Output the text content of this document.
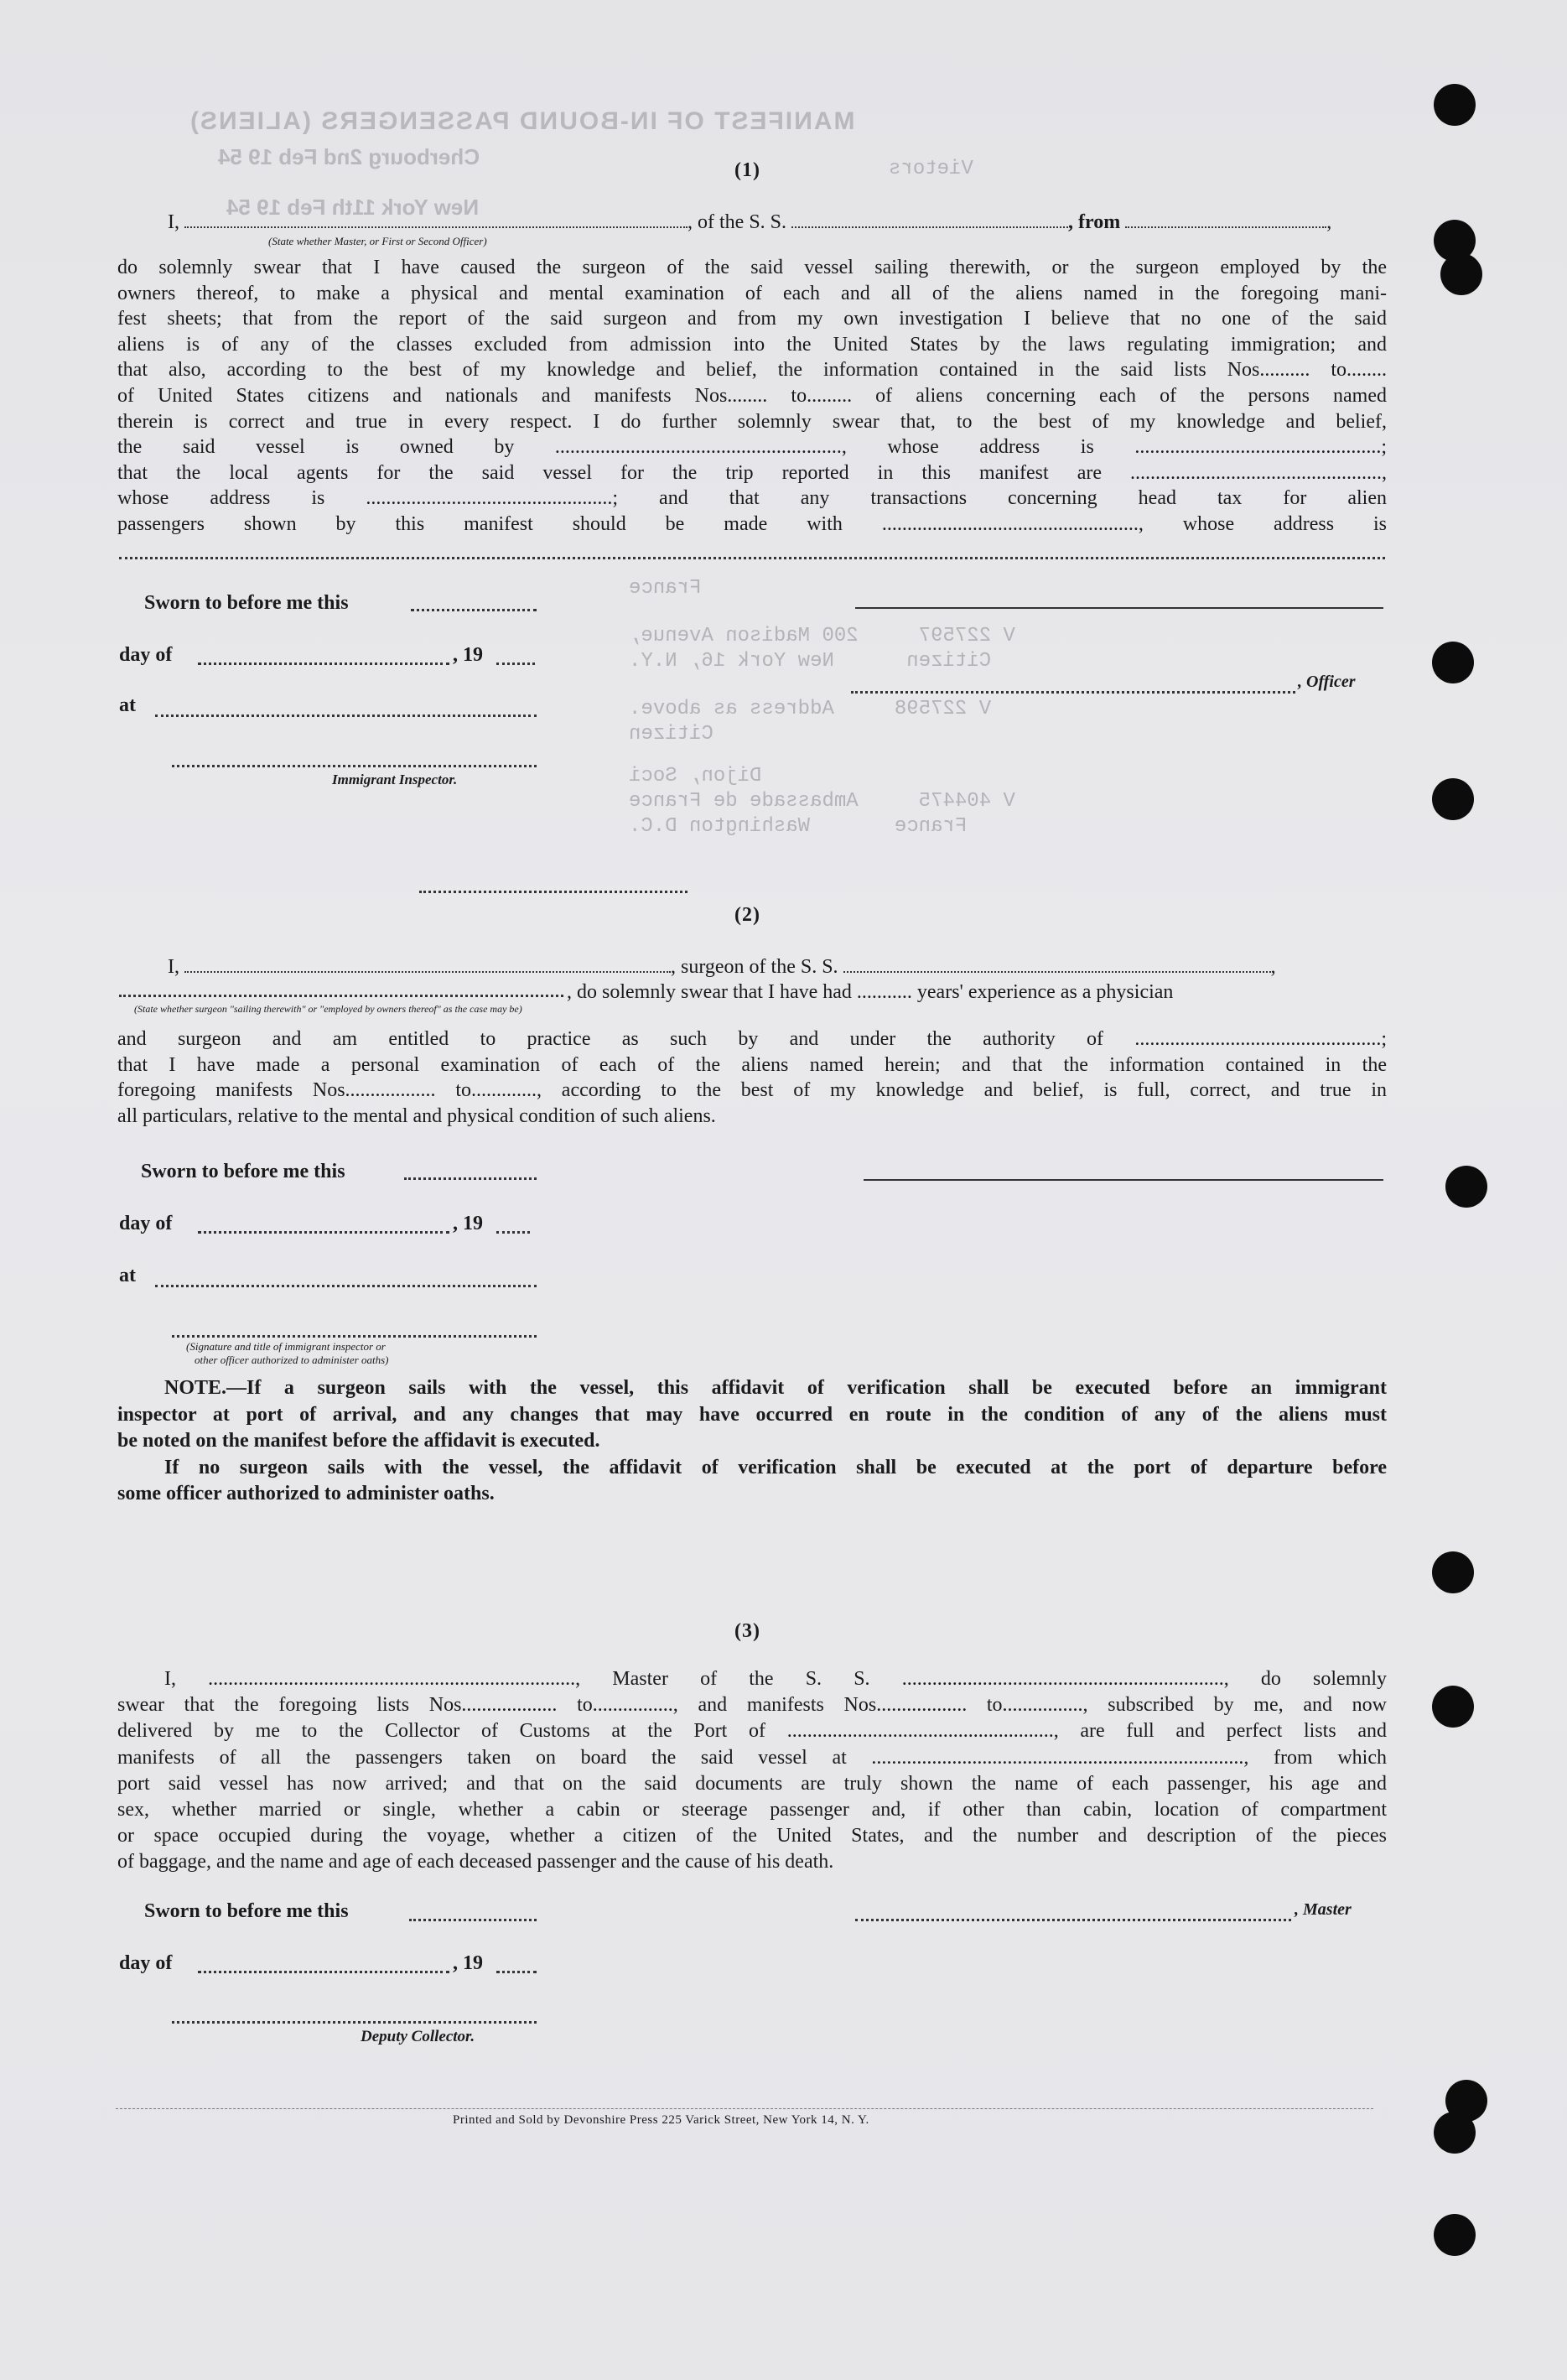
MANIFEST OF IN-BOUND PASSENGERS (ALIENS)
Cherbourg 2nd Feb 19 54
New York 11th Feb 19 54
Vietors
France
V 227597     200 Madison Avenue,
Citizen      New York 16, N.Y.
V 227598     Address as above.
Citizen
Dijon, Soci
V 404475     Ambassade de France
France       Washington D.C.
(1)
I,	, of the S. S.	, from	,
(State whether Master, or First or Second Officer)

do solemnly swear that I have caused the surgeon of the said vessel sailing therewith, or the surgeon employed by the

owners thereof, to make a physical and mental examination of each and all of the aliens named in the foregoing mani-

fest sheets; that from the report of the said surgeon and from my own investigation I believe that no one of the said

aliens is of any of the classes excluded from admission into the United States by the laws regulating immigration; and

that also, according to the best of my knowledge and belief, the information contained in the said lists Nos.......... to........

of United States citizens and nationals and manifests Nos........ to......... of aliens concerning each of the persons named

therein is correct and true in every respect. I do further solemnly swear that, to the best of my knowledge and belief,

the said vessel is owned by ........................................................., whose address is .................................................;

that the local agents for the said vessel for the trip reported in this manifest are ..................................................,

whose address is .................................................; and that any transactions concerning head tax for alien

passengers shown by this manifest should be made with ..................................................., whose address is

Sworn to before me this
day of	, 19
, Officer
at
Immigrant Inspector.
(2)
I,	, surgeon of the S. S.	,
, do solemnly swear that I have had ........... years' experience as a physician
(State whether surgeon "sailing therewith" or "employed by owners thereof" as the case may be)

and surgeon and am entitled to practice as such by and under the authority of .................................................;

that I have made a personal examination of each of the aliens named herein; and that the information contained in the

foregoing manifests Nos.................. to............., according to the best of my knowledge and belief, is full, correct, and true in

all particulars, relative to the mental and physical condition of such aliens.

Sworn to before me this
day of	, 19
at
(Signature and title of immigrant inspector or
other officer authorized to administer oaths)

NOTE.—If a surgeon sails with the vessel, this affidavit of verification shall be executed before an immigrant

inspector at port of arrival, and any changes that may have occurred en route in the condition of any of the aliens must

be noted on the manifest before the affidavit is executed.

If no surgeon sails with the vessel, the affidavit of verification shall be executed at the port of departure before

some officer authorized to administer oaths.

(3)

I, ........................................................................., Master of the S. S. ................................................................, do solemnly

swear that the foregoing lists Nos................... to................, and manifests Nos.................. to................, subscribed by me, and now

delivered by me to the Collector of Customs at the Port of ....................................................., are full and perfect lists and

manifests of all the passengers taken on board the said vessel at .........................................................................., from which

port said vessel has now arrived; and that on the said documents are truly shown the name of each passenger, his age and

sex, whether married or single, whether a cabin or steerage passenger and, if other than cabin, location of compartment

or space occupied during the voyage, whether a citizen of the United States, and the number and description of the pieces

of baggage, and the name and age of each deceased passenger and the cause of his death.

Sworn to before me this	, Master
day of	, 19
Deputy Collector.
Printed and Sold by Devonshire Press 225 Varick Street, New York 14, N. Y.
